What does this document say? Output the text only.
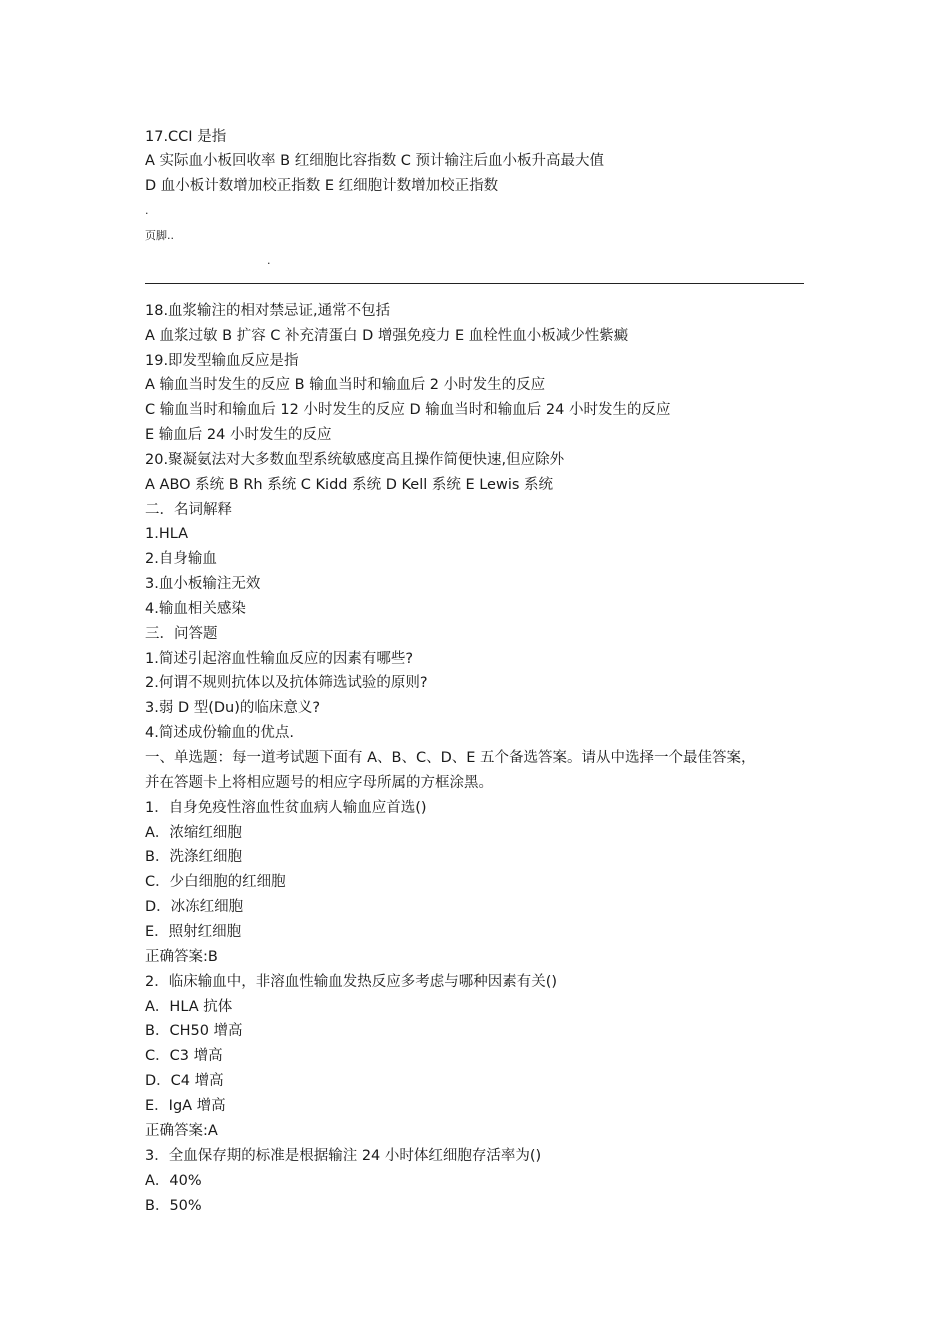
17.CCI 是指
A 实际血小板回收率 B 红细胞比容指数 C 预计输注后血小板升高最大值
D 血小板计数增加校正指数 E 红细胞计数增加校正指数
.
页脚..
.
18.血浆输注的相对禁忌证,通常不包括
A 血浆过敏 B 扩容 C 补充清蛋白 D 增强免疫力 E 血栓性血小板减少性紫癜
19.即发型输血反应是指
A 输血当时发生的反应 B 输血当时和输血后 2 小时发生的反应
C 输血当时和输血后 12 小时发生的反应 D 输血当时和输血后 24 小时发生的反应
E 输血后 24 小时发生的反应
20.聚凝氨法对大多数血型系统敏感度高且操作简便快速,但应除外
A ABO 系统 B Rh 系统 C Kidd 系统 D Kell 系统 E Lewis 系统
二．名词解释
1.HLA
2.自身输血
3.血小板输注无效
4.输血相关感染
三．问答题
1.简述引起溶血性输血反应的因素有哪些?
2.何谓不规则抗体以及抗体筛选试验的原则?
3.弱 D 型(Du)的临床意义?
4.简述成份输血的优点.
一、单选题：每一道考试题下面有 A、B、C、D、E 五个备选答案。请从中选择一个最佳答案，
并在答题卡上将相应题号的相应字母所属的方框涂黑。
1．自身免疫性溶血性贫血病人输血应首选()
A．浓缩红细胞
B．洗涤红细胞
C．少白细胞的红细胞
D．冰冻红细胞
E．照射红细胞
正确答案:B
2．临床输血中，非溶血性输血发热反应多考虑与哪种因素有关()
A．HLA 抗体
B．CH50 增高
C．C3 增高
D．C4 增高
E．IgA 增高
正确答案:A
3．全血保存期的标准是根据输注 24 小时体红细胞存活率为()
A．40%
B．50%
